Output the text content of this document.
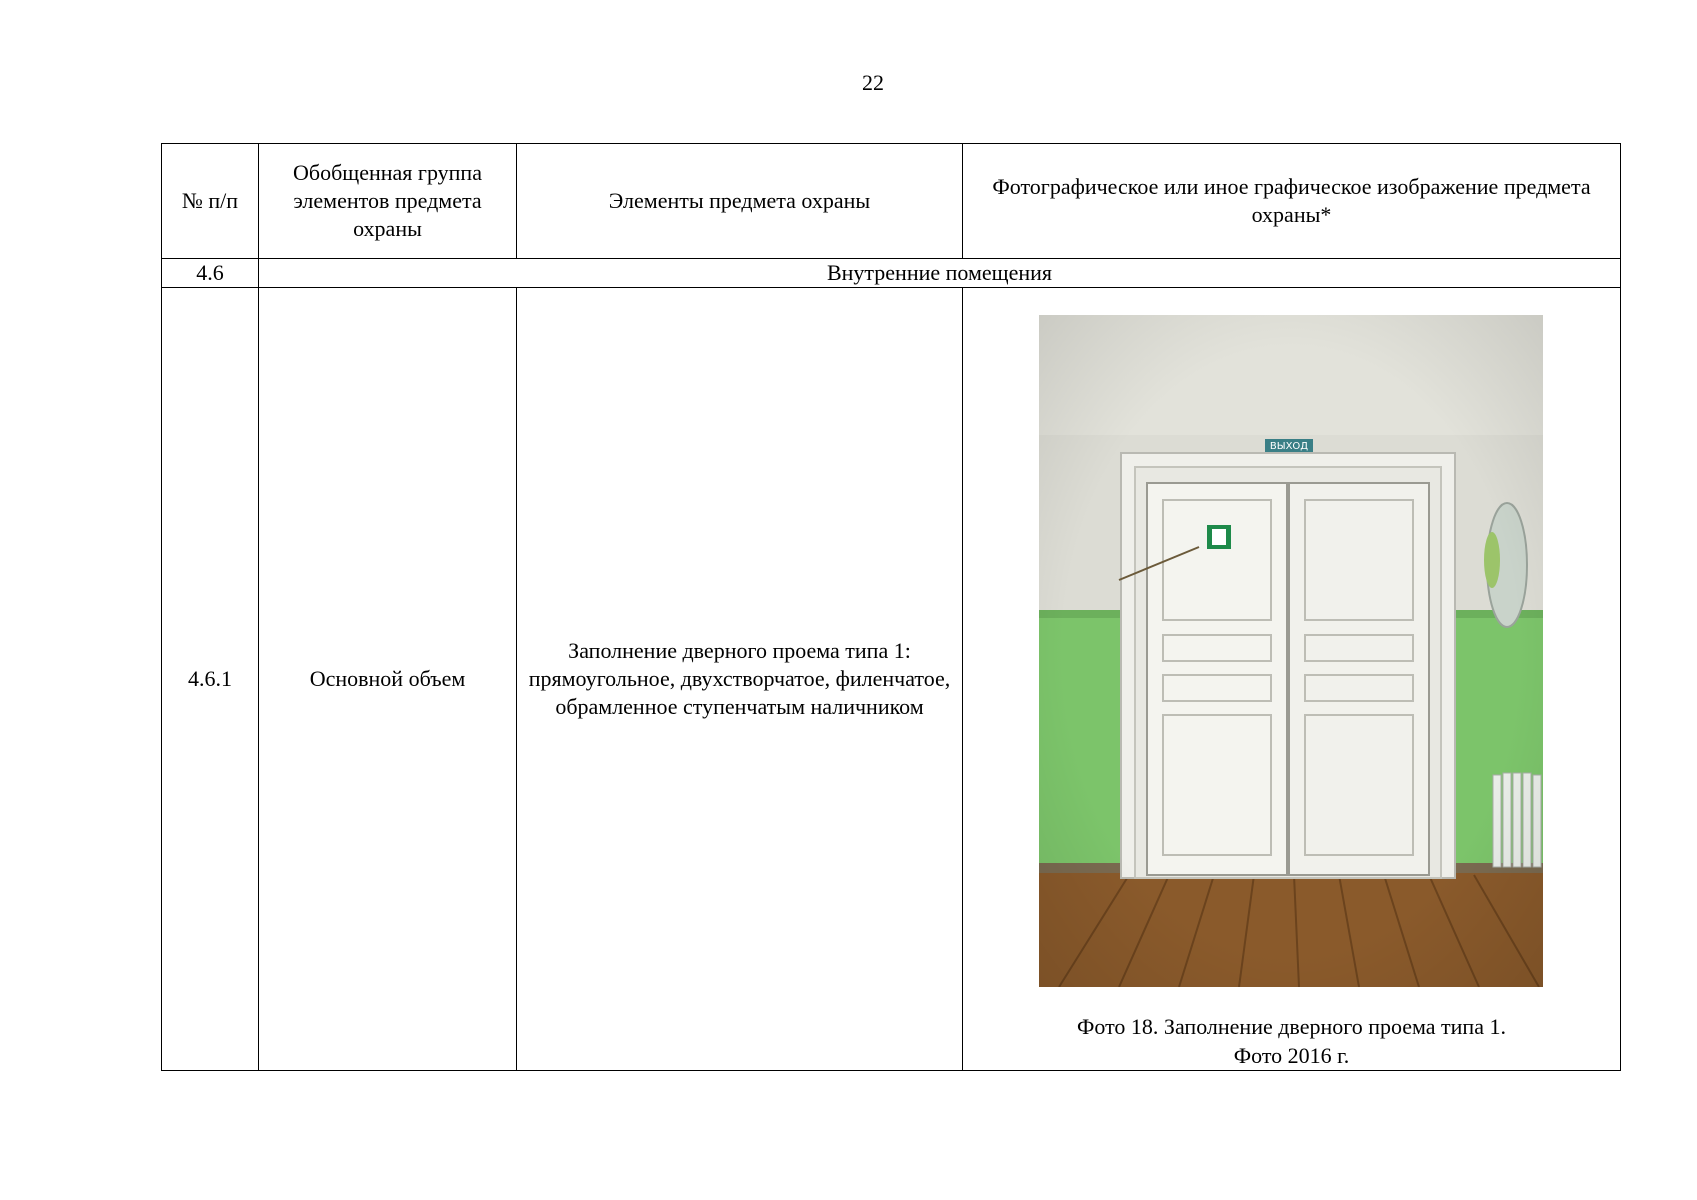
22
№ п/п	Обобщенная группа элементов предмета охраны	Элементы предмета охраны	Фотографическое или иное графическое изображение предмета охраны*
4.6	Внутренние помещения		
4.6.1	Основной объем	Заполнение дверного проема типа 1: прямоугольное, двухстворчатое, филенчатое, обрамленное ступенчатым наличником	Фото 18. Заполнение дверного проема типа 1.
Фото 2016 г.
